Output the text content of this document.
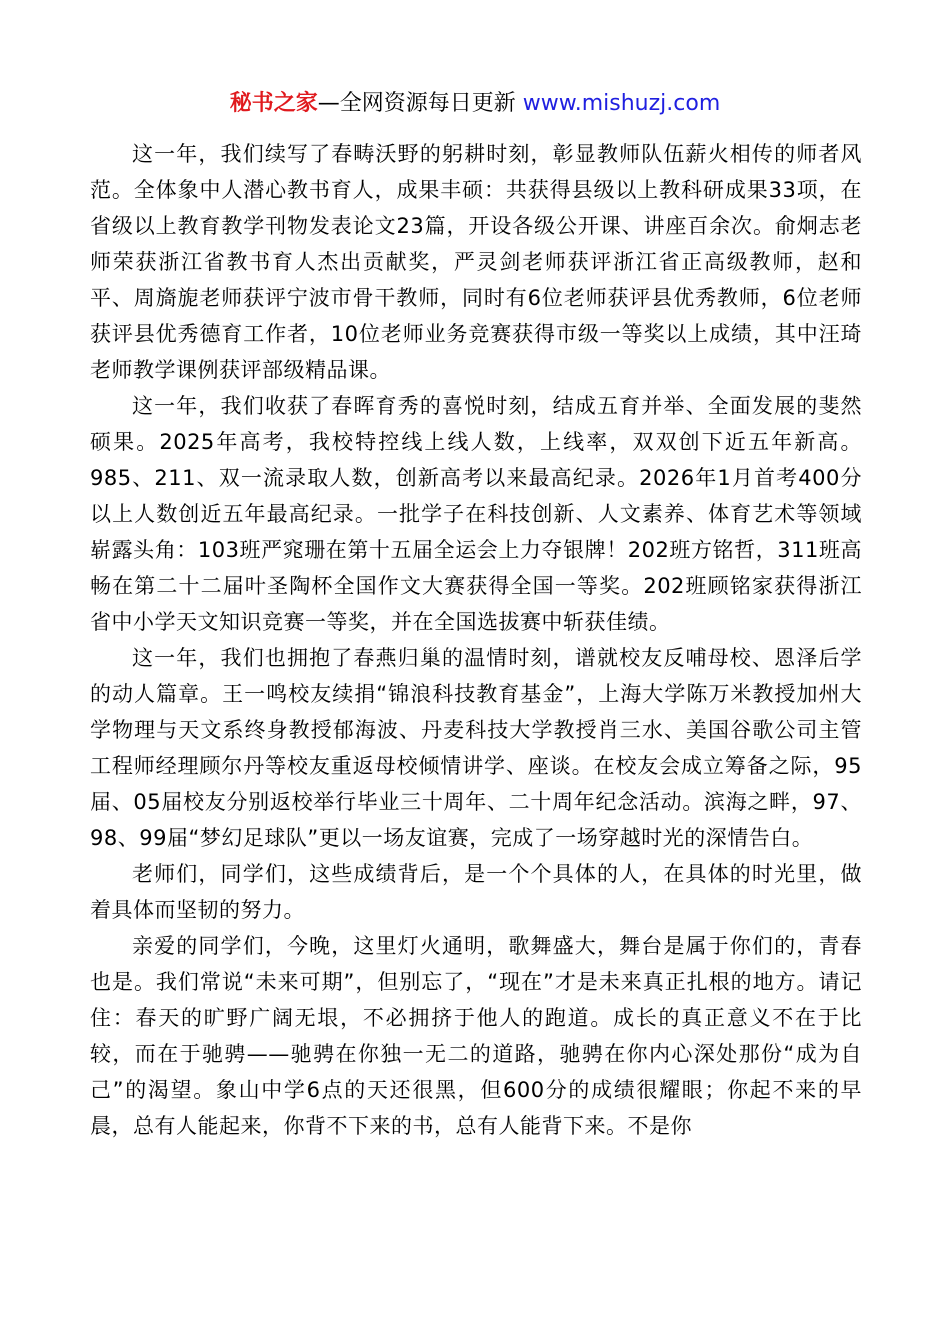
秘书之家—全网资源每日更新 www.mishuzj.com

这一年，我们续写了春畴沃野的躬耕时刻，彰显教师队伍薪火相传的师者风范。全体象中人潜心教书育人，成果丰硕：共获得县级以上教科研成果33项，在省级以上教育教学刊物发表论文23篇，开设各级公开课、讲座百余次。俞炯志老师荣获浙江省教书育人杰出贡献奖，严灵剑老师获评浙江省正高级教师，赵和平、周旖旎老师获评宁波市骨干教师，同时有6位老师获评县优秀教师，6位老师获评县优秀德育工作者，10位老师业务竞赛获得市级一等奖以上成绩，其中汪琦老师教学课例获评部级精品课。

这一年，我们收获了春晖育秀的喜悦时刻，结成五育并举、全面发展的斐然硕果。2025年高考，我校特控线上线人数，上线率，双双创下近五年新高。985、211、双一流录取人数，创新高考以来最高纪录。2026年1月首考400分以上人数创近五年最高纪录。一批学子在科技创新、人文素养、体育艺术等领域崭露头角：103班严窕珊在第十五届全运会上力夺银牌！202班方铭哲，311班高畅在第二十二届叶圣陶杯全国作文大赛获得全国一等奖。202班顾铭家获得浙江省中小学天文知识竞赛一等奖，并在全国选拔赛中斩获佳绩。

这一年，我们也拥抱了春燕归巢的温情时刻，谱就校友反哺母校、恩泽后学的动人篇章。王一鸣校友续捐“锦浪科技教育基金”，上海大学陈万米教授加州大学物理与天文系终身教授郁海波、丹麦科技大学教授肖三水、美国谷歌公司主管工程师经理顾尔丹等校友重返母校倾情讲学、座谈。在校友会成立筹备之际，95届、05届校友分别返校举行毕业三十周年、二十周年纪念活动。滨海之畔，97、98、99届“梦幻足球队”更以一场友谊赛，完成了一场穿越时光的深情告白。

老师们，同学们，这些成绩背后，是一个个具体的人，在具体的时光里，做着具体而坚韧的努力。

亲爱的同学们，今晚，这里灯火通明，歌舞盛大，舞台是属于你们的，青春也是。我们常说“未来可期”，但别忘了，“现在”才是未来真正扎根的地方。请记住：春天的旷野广阔无垠，不必拥挤于他人的跑道。成长的真正意义不在于比较，而在于驰骋——驰骋在你独一无二的道路，驰骋在你内心深处那份“成为自己”的渴望。象山中学6点的天还很黑，但600分的成绩很耀眼；你起不来的早晨，总有人能起来，你背不下来的书，总有人能背下来。不是你
